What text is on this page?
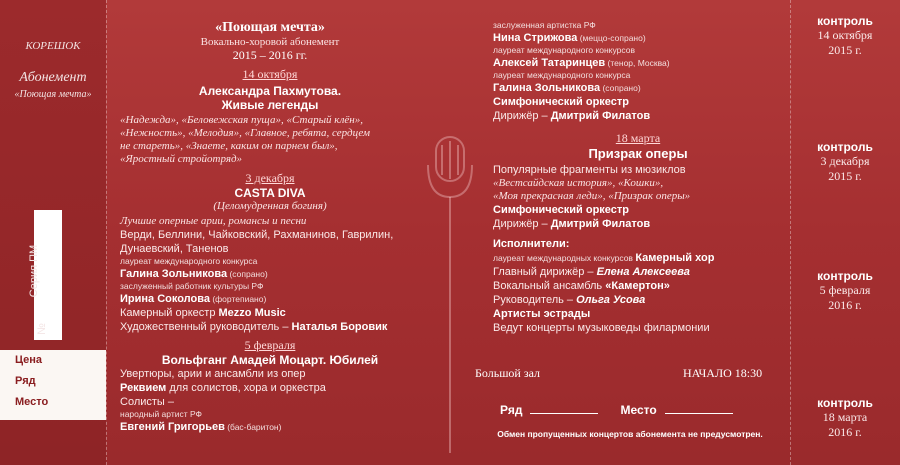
КОРЕШОК
Абонемент
«Поющая мечта»
Серия ПМ
№
Цена
Ряд
Место
«Поющая мечта»
Вокально-хоровой абонемент
2015 – 2016 гг.
14 октября
Александра Пахмутова.
Живые легенды
«Надежда», «Беловежская пуща», «Старый клён»,
«Нежность», «Мелодия», «Главное, ребята, сердцем
не стареть», «Знаете, каким он парнем был»,
«Яростный стройотряд»
3 декабря
CASTA DIVA
(Целомудренная богиня)
Лучшие оперные арии, романсы и песни
Верди, Беллини, Чайковский, Рахманинов, Гаврилин,
Дунаевский, Таненов
лауреат международного конкурса
Галина Зольникова (сопрано)
заслуженный работник культуры РФ
Ирина Соколова (фортепиано)
Камерный оркестр Mezzo Music
Художественный руководитель – Наталья Боровик
5 февраля
Вольфганг Амадей Моцарт. Юбилей
Увертюры, арии и ансамбли из опер
Реквием для солистов, хора и оркестра
Солисты –
народный артист РФ
Евгений Григорьев (бас-баритон)
заслуженная артистка РФ
Нина Стрижова (меццо-сопрано)
лауреат международного конкурсов
Алексей Татаринцев (тенор, Москва)
лауреат международного конкурса
Галина Зольникова (сопрано)
Симфонический оркестр
Дирижёр – Дмитрий Филатов
18 марта
Призрак оперы
Популярные фрагменты из мюзиклов
«Вестсайдская история», «Кошки»,
«Моя прекрасная леди», «Призрак оперы»
Симфонический оркестр
Дирижёр – Дмитрий Филатов
Исполнители:
лауреат международных конкурсов Камерный хор
Главный дирижёр – Елена Алексеева
Вокальный ансамбль «Камертон»
Руководитель – Ольга Усова
Артисты эстрады
Ведут концерты музыковеды филармонии
Большой зал	НАЧАЛО 18:30
Ряд	Место
Обмен пропущенных концертов абонемента не предусмотрен.
контроль
14 октября
2015 г.
контроль
3 декабря
2015 г.
контроль
5 февраля
2016 г.
контроль
18 марта
2016 г.
